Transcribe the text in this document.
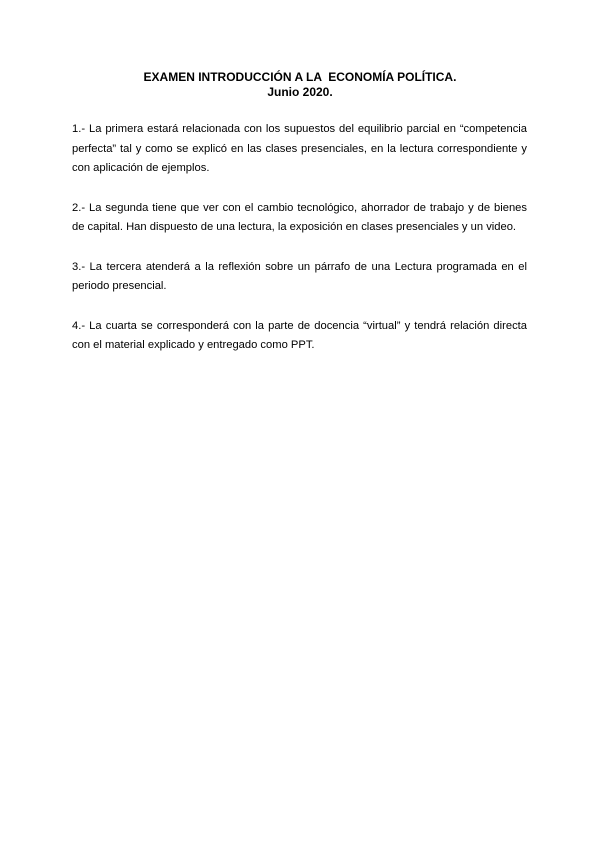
EXAMEN INTRODUCCIÓN A LA  ECONOMÍA POLÍTICA.
Junio 2020.

1.- La primera estará relacionada con los supuestos del equilibrio parcial en “competencia perfecta” tal y como se explicó en las clases presenciales, en la lectura correspondiente y con aplicación de ejemplos.

2.- La segunda tiene que ver con el cambio tecnológico, ahorrador de trabajo y de bienes de capital. Han dispuesto de una lectura, la exposición en clases presenciales y un video.

3.- La tercera atenderá a la reflexión sobre un párrafo de una Lectura programada en el periodo presencial.

4.- La cuarta se corresponderá con la parte de docencia “virtual” y tendrá relación directa con el material explicado y entregado como PPT.
